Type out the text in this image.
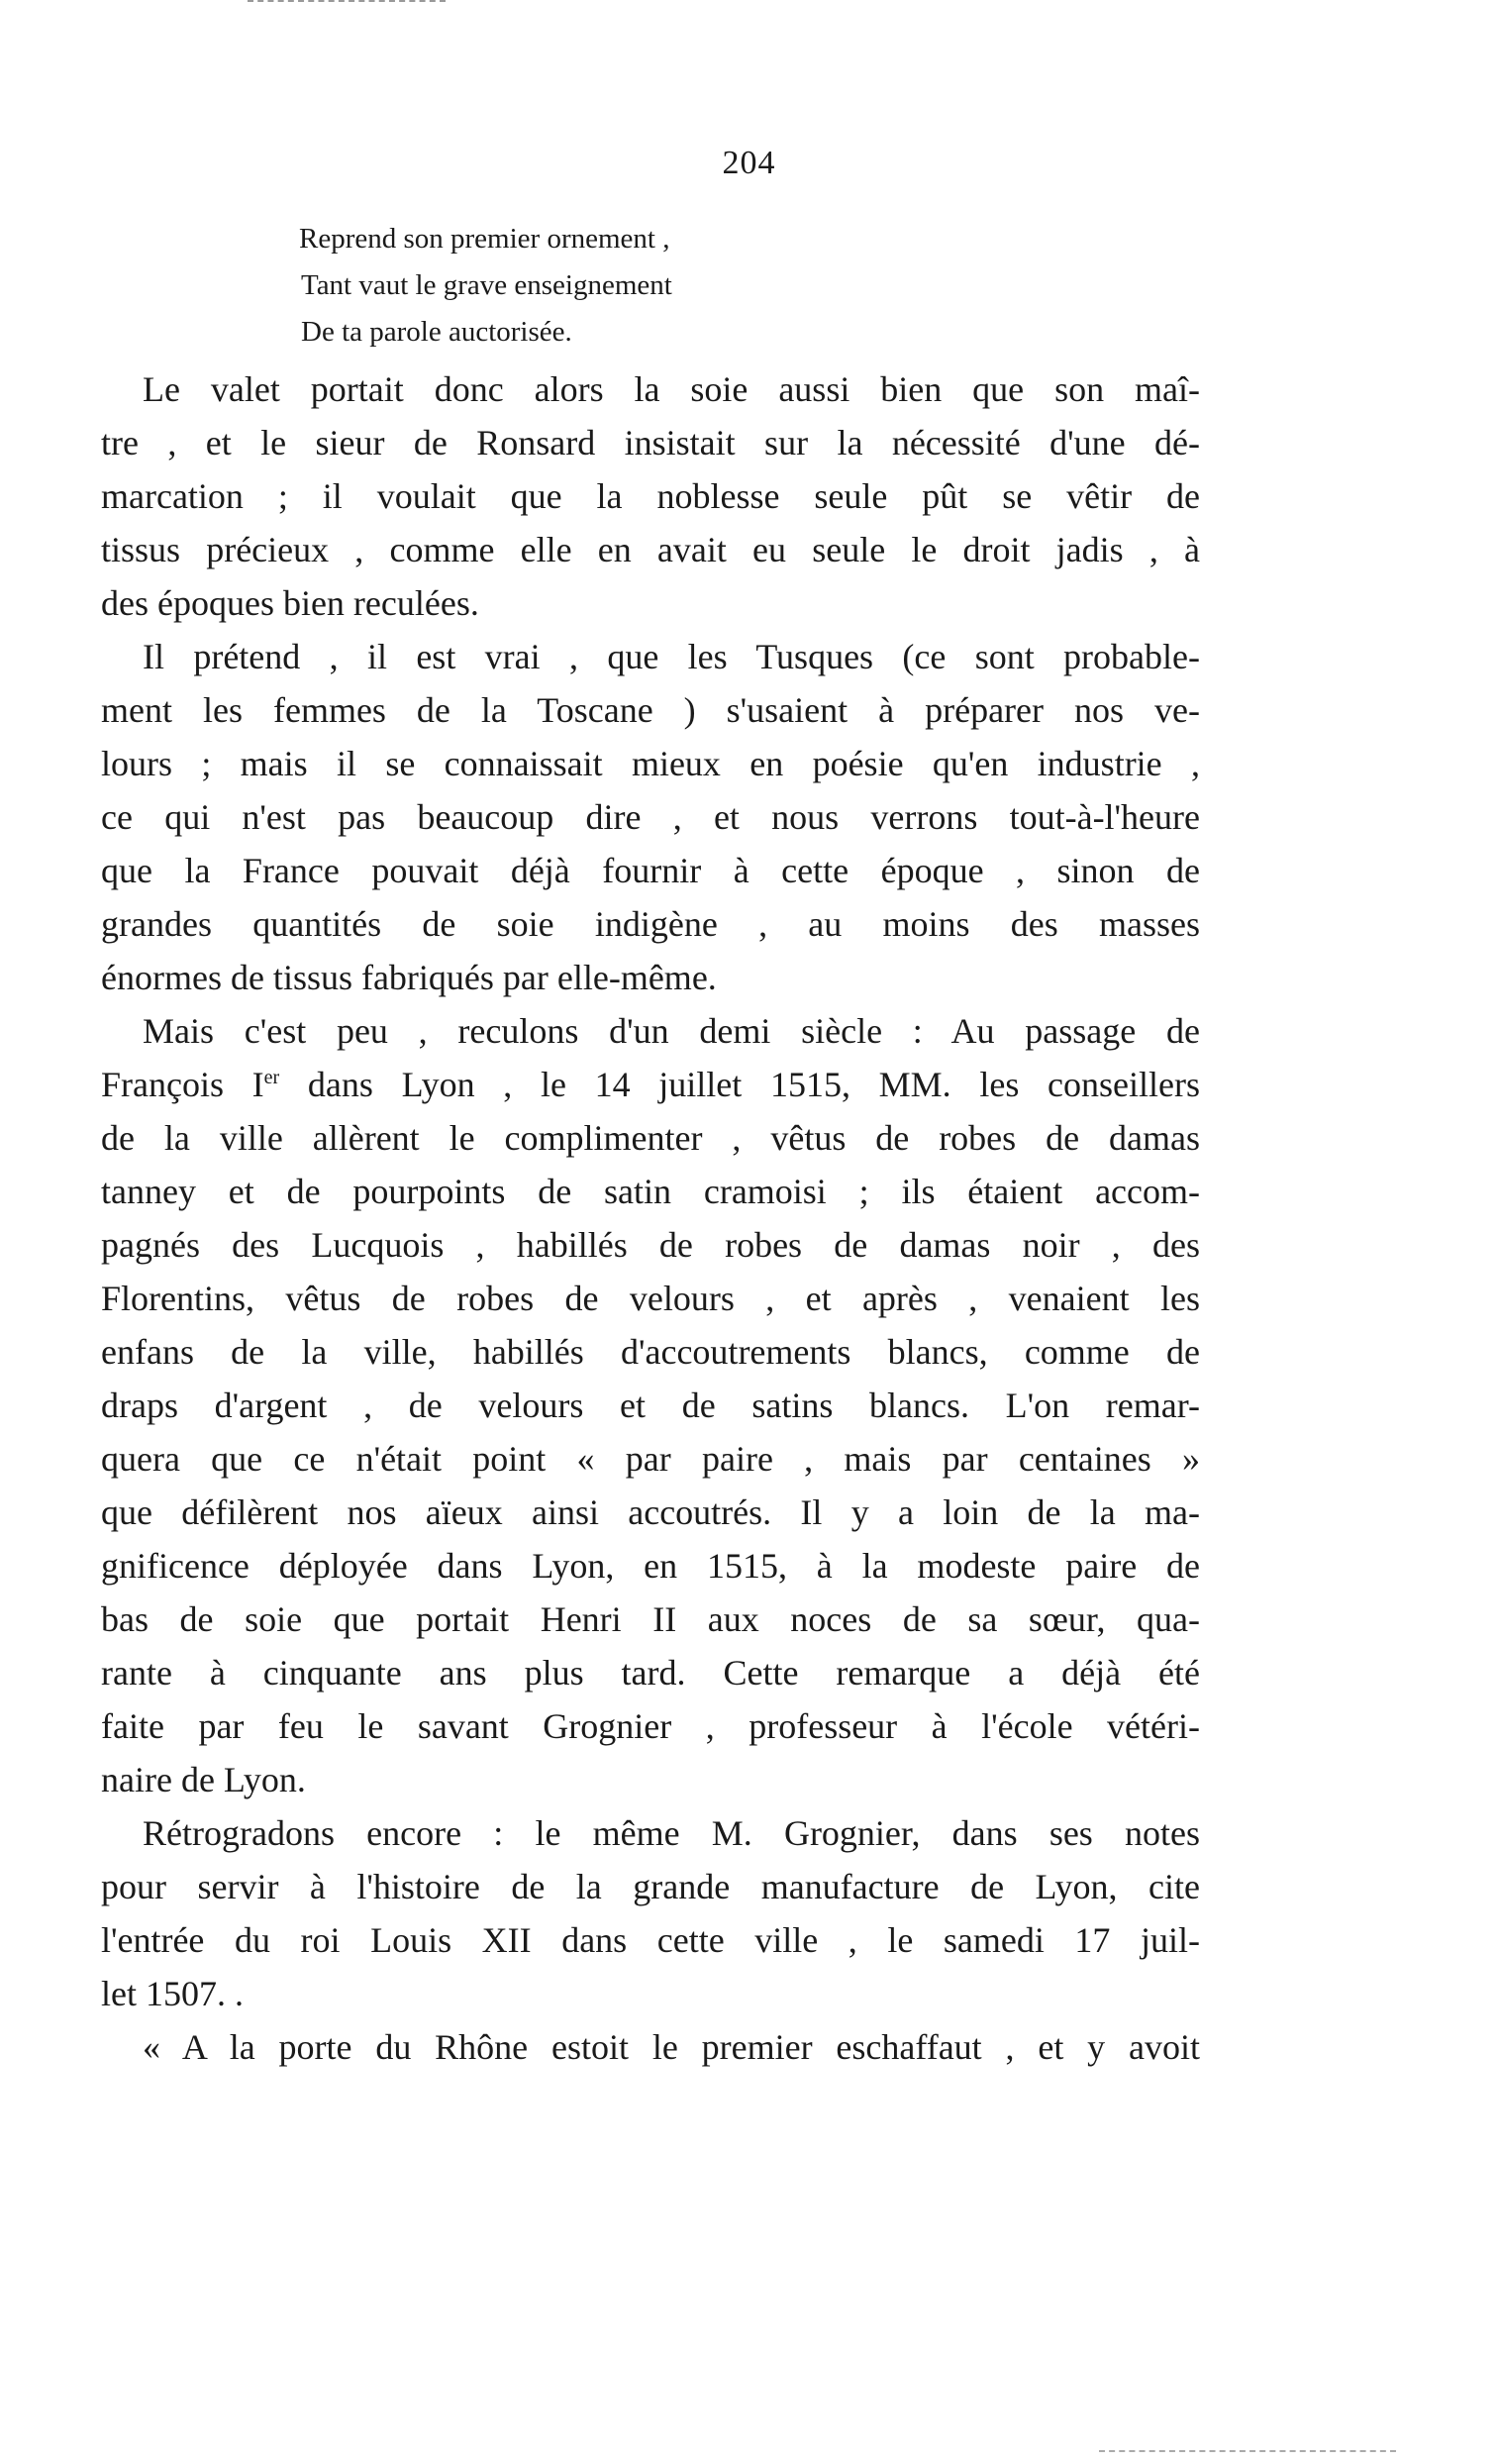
204
Reprend son premier ornement ,
Tant vaut le grave enseignement
De ta parole auctorisée.
Le valet portait donc alors la soie aussi bien que son maî-
tre , et le sieur de Ronsard insistait sur la nécessité d'une dé-
marcation ; il voulait que la noblesse seule pût se vêtir de
tissus précieux , comme elle en avait eu seule le droit jadis , à
des époques bien reculées.
Il prétend , il est vrai , que les Tusques (ce sont probable-
ment les femmes de la Toscane ) s'usaient à préparer nos ve-
lours ; mais il se connaissait mieux en poésie qu'en industrie ,
ce qui n'est pas beaucoup dire , et nous verrons tout-à-l'heure
que la France pouvait déjà fournir à cette époque , sinon de
grandes quantités de soie indigène , au moins des masses
énormes de tissus fabriqués par elle-même.
Mais c'est peu , reculons d'un demi siècle : Au passage de
François Ier dans Lyon , le 14 juillet 1515, MM. les conseillers
de la ville allèrent le complimenter , vêtus de robes de damas
tanney et de pourpoints de satin cramoisi ; ils étaient accom-
pagnés des Lucquois , habillés de robes de damas noir , des
Florentins, vêtus de robes de velours , et après , venaient les
enfans de la ville, habillés d'accoutrements blancs, comme de
draps d'argent , de velours et de satins blancs. L'on remar-
quera que ce n'était point « par paire , mais par centaines »
que défilèrent nos aïeux ainsi accoutrés. Il y a loin de la ma-
gnificence déployée dans Lyon, en 1515, à la modeste paire de
bas de soie que portait Henri II aux noces de sa sœur, qua-
rante à cinquante ans plus tard. Cette remarque a déjà été
faite par feu le savant Grognier , professeur à l'école vétéri-
naire de Lyon.
Rétrogradons encore : le même M. Grognier, dans ses notes
pour servir à l'histoire de la grande manufacture de Lyon, cite
l'entrée du roi Louis XII dans cette ville , le samedi 17 juil-
let 1507. .
« A la porte du Rhône estoit le premier eschaffaut , et y avoit
